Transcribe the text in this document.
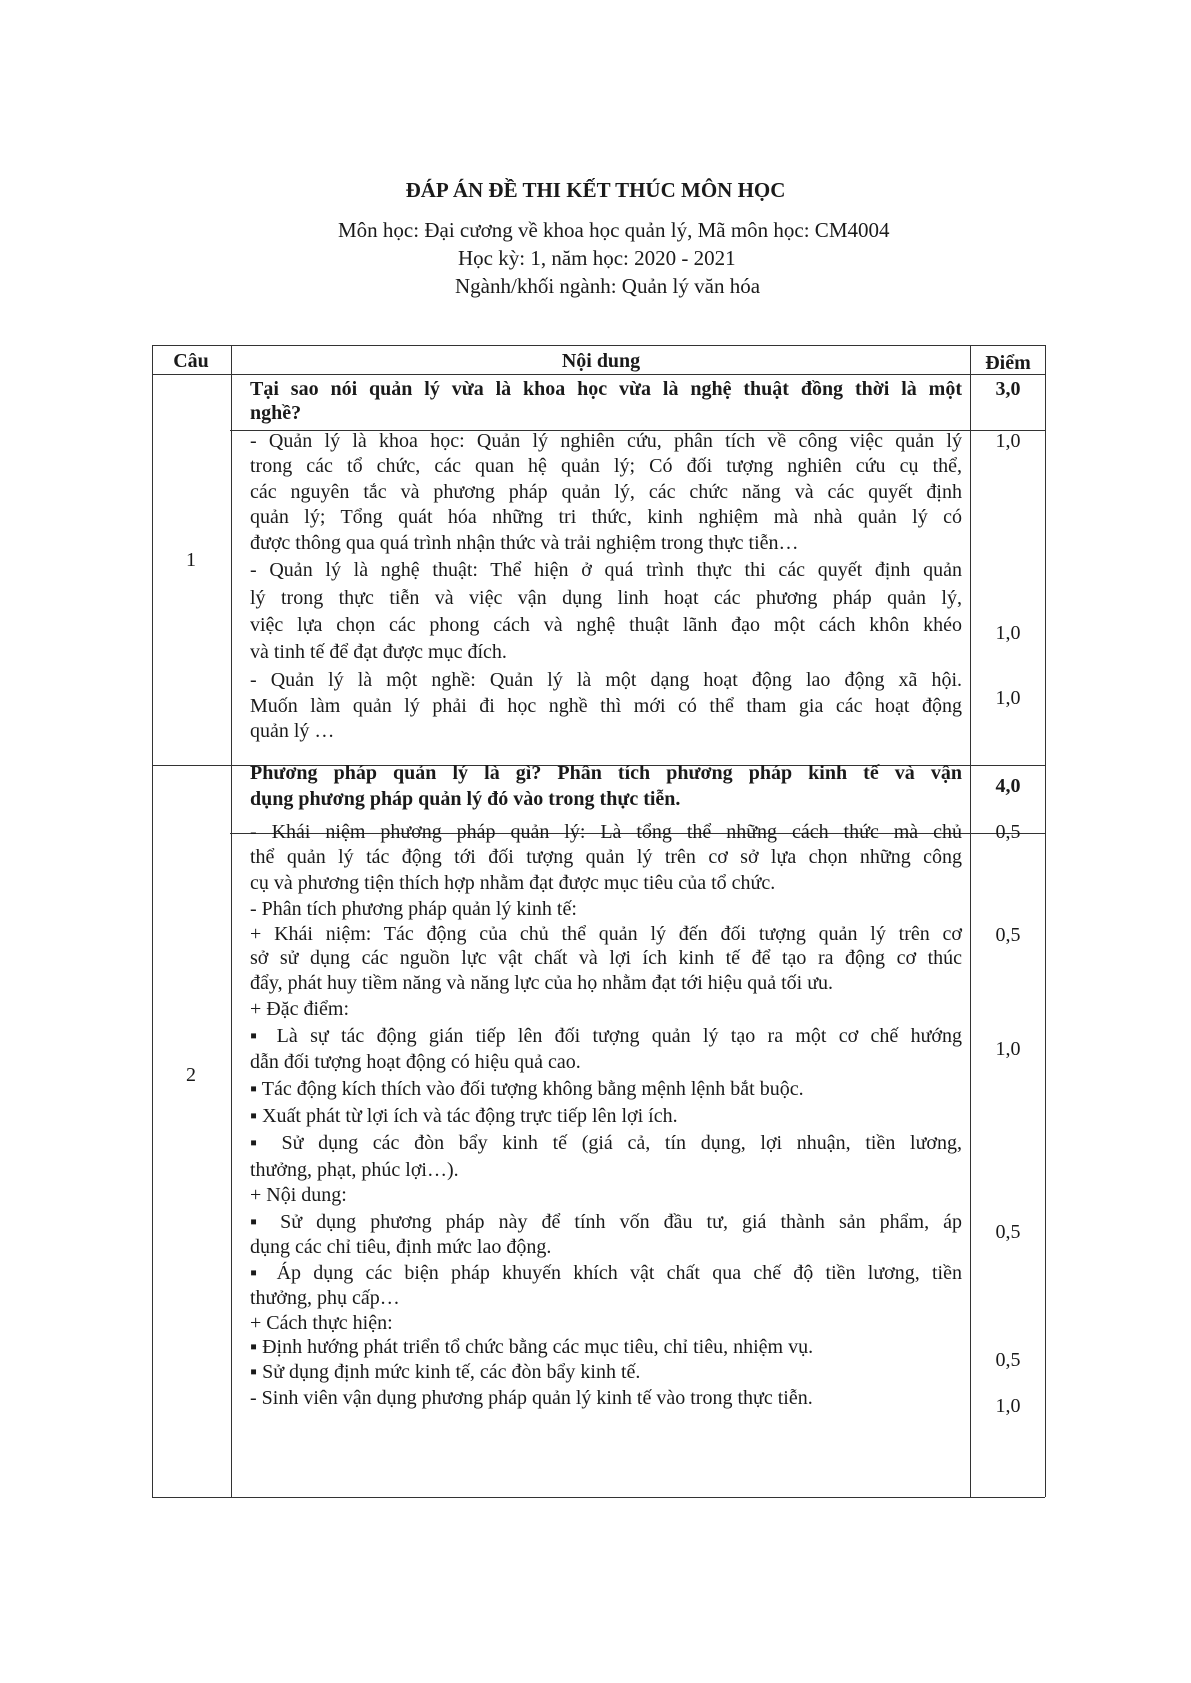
ĐÁP ÁN ĐỀ THI KẾT THÚC MÔN HỌC
Môn học: Đại cương về khoa học quản lý, Mã môn học: CM4004
Học kỳ: 1, năm học: 2020 - 2021
Ngành/khối ngành: Quản lý văn hóa
Câu	Nội dung	Điểm
1
Tại sao nói quản lý vừa là khoa học vừa là nghệ thuật đồng thời là một
nghề?
3,0
- Quản lý là khoa học: Quản lý nghiên cứu, phân tích về công việc quản lý
trong các tổ chức, các quan hệ quản lý; Có đối tượng nghiên cứu cụ thể,
các nguyên tắc và phương pháp quản lý, các chức năng và các quyết định
quản lý; Tổng quát hóa những tri thức, kinh nghiệm mà nhà quản lý có
được thông qua quá trình nhận thức và trải nghiệm trong thực tiễn…
- Quản lý là nghệ thuật: Thể hiện ở quá trình thực thi các quyết định quản
lý trong thực tiễn và việc vận dụng linh hoạt các phương pháp quản lý,
việc lựa chọn các phong cách và nghệ thuật lãnh đạo một cách khôn khéo
và tinh tế để đạt được mục đích.
- Quản lý là một nghề: Quản lý là một dạng hoạt động lao động xã hội.
Muốn làm quản lý phải đi học nghề thì mới có thể tham gia các hoạt động
quản lý …
1,0
1,0
1,0
2
Phương pháp quản lý là gì? Phân tích phương pháp kinh tế và vận
dụng phương pháp quản lý đó vào trong thực tiễn.
4,0
- Khái niệm phương pháp quản lý: Là tổng thể những cách thức mà chủ
thể quản lý tác động tới đối tượng quản lý trên cơ sở lựa chọn những công
cụ và phương tiện thích hợp nhằm đạt được mục tiêu của tổ chức.
- Phân tích phương pháp quản lý kinh tế:
+ Khái niệm: Tác động của chủ thể quản lý đến đối tượng quản lý trên cơ
sở sử dụng các nguồn lực vật chất và lợi ích kinh tế để tạo ra động cơ thúc
đẩy, phát huy tiềm năng và năng lực của họ nhằm đạt tới hiệu quả tối ưu.
+ Đặc điểm:
▪ Là sự tác động gián tiếp lên đối tượng quản lý tạo ra một cơ chế hướng
dẫn đối tượng hoạt động có hiệu quả cao.
▪ Tác động kích thích vào đối tượng không bằng mệnh lệnh bắt buộc.
▪ Xuất phát từ lợi ích và tác động trực tiếp lên lợi ích.
▪ Sử dụng các đòn bẩy kinh tế (giá cả, tín dụng, lợi nhuận, tiền lương,
thưởng, phạt, phúc lợi…).
+ Nội dung:
▪ Sử dụng phương pháp này để tính vốn đầu tư, giá thành sản phẩm, áp
dụng các chỉ tiêu, định mức lao động.
▪ Áp dụng các biện pháp khuyến khích vật chất qua chế độ tiền lương, tiền
thưởng, phụ cấp…
+ Cách thực hiện:
▪ Định hướng phát triển tổ chức bằng các mục tiêu, chỉ tiêu, nhiệm vụ.
▪ Sử dụng định mức kinh tế, các đòn bẩy kinh tế.
- Sinh viên vận dụng phương pháp quản lý kinh tế vào trong thực tiễn.
0,5
0,5
1,0
0,5
0,5
1,0
